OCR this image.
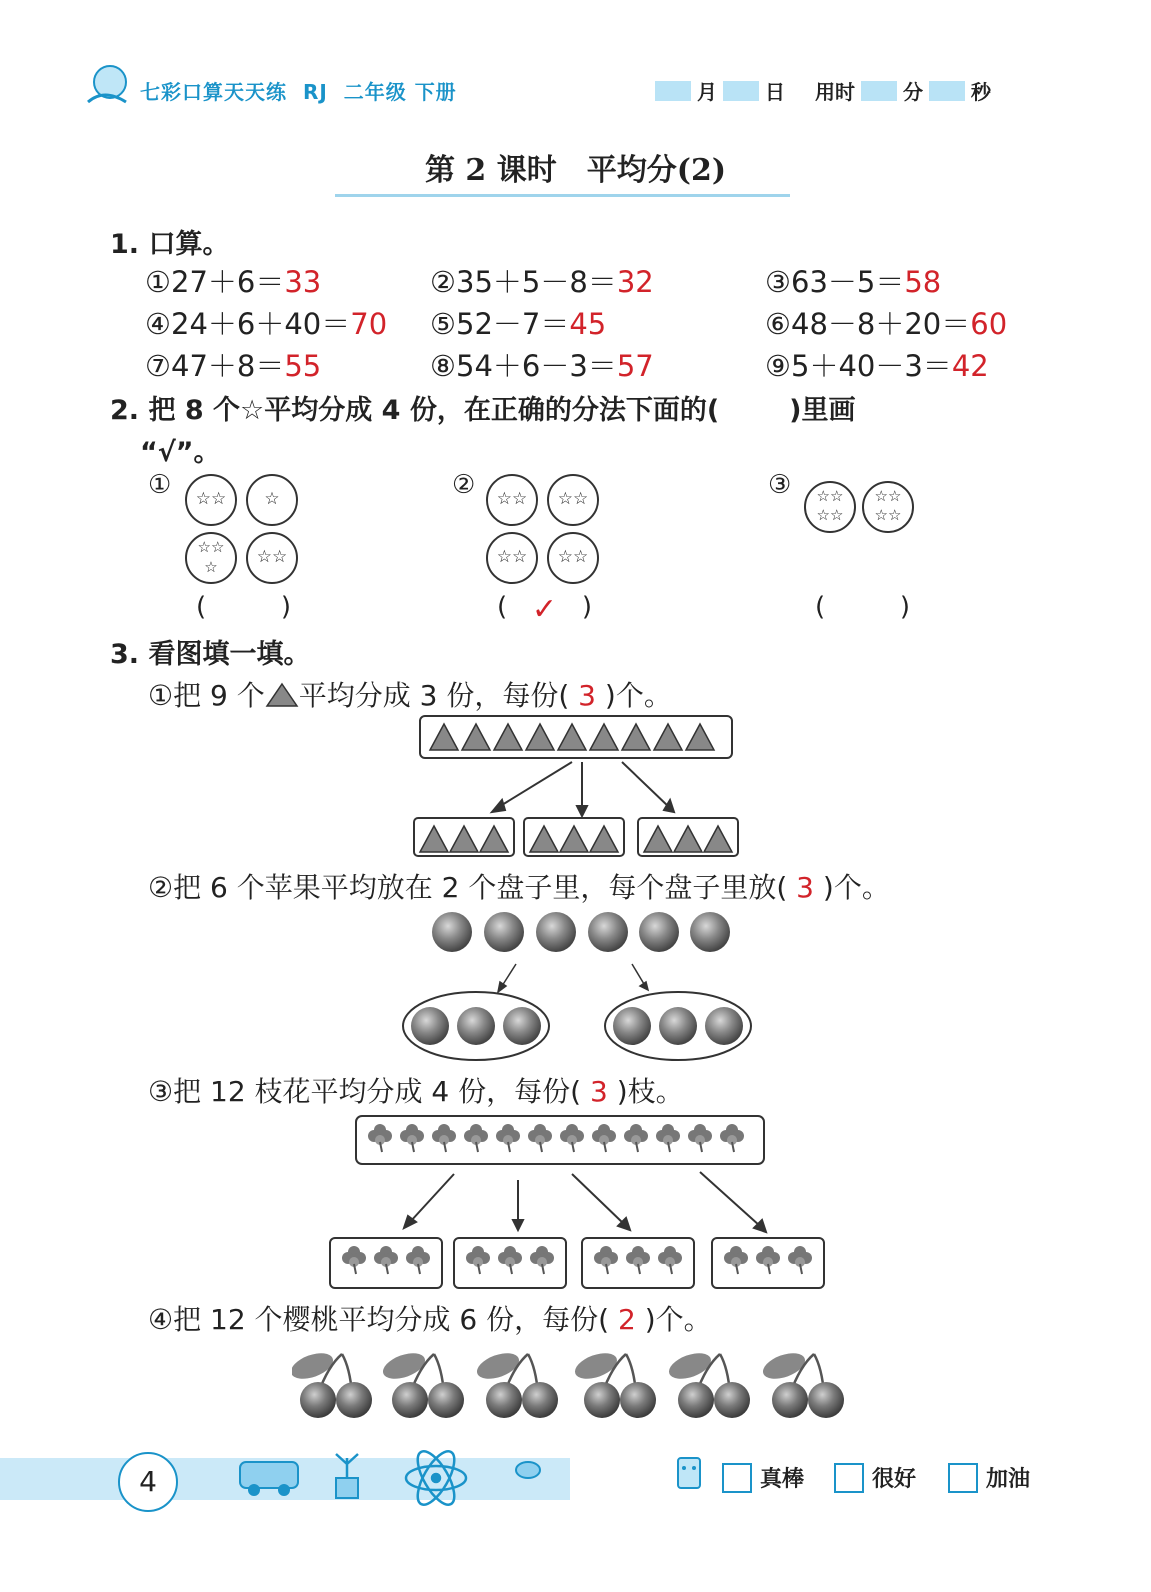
七彩口算天天练 RJ 二年级 下册	月 日 用时 分 秒
第 2 课时　平均分(2)
1. 口算。
①27＋6＝33	②35＋5－8＝32	③63－5＝58
④24＋6＋40＝70	⑤52－7＝45	⑥48－8＋20＝60
⑦47＋8＝55	⑧54＋6－3＝57	⑨5＋40－3＝42
2. 把 8 个☆平均分成 4 份，在正确的分法下面的(	)里画
“√”。
①	☆☆	☆
☆☆☆	☆☆
(	)
②	☆☆	☆☆
☆☆	☆☆
( ✓ )
③	☆☆☆☆
☆☆☆☆
(	)
3. 看图填一填。
①把 9 个 平均分成 3 份，每份( 3 )个。
②把 6 个苹果平均放在 2 个盘子里，每个盘子里放( 3 )个。
③把 12 枝花平均分成 4 份，每份( 3 )枝。
④把 12 个樱桃平均分成 6 份，每份( 2 )个。
4	真棒	很好	加油
